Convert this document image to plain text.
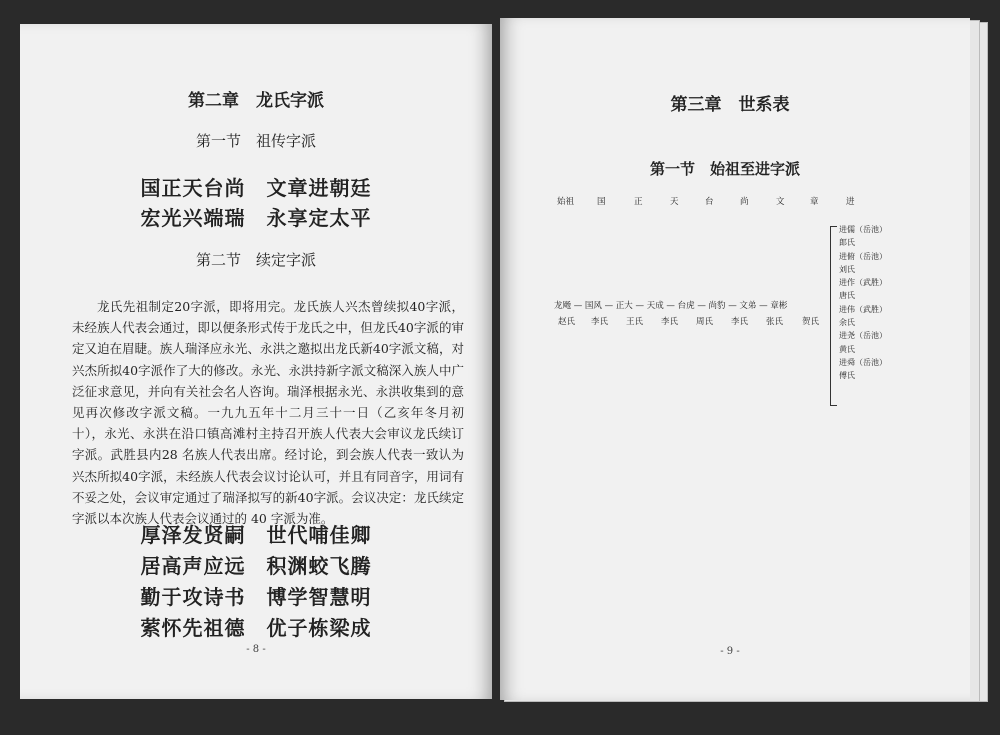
第二章　龙氏字派
第一节　祖传字派
国正天台尚　文章进朝廷
宏光兴端瑞　永享定太平
第二节　续定字派

龙氏先祖制定20字派，即将用完。龙氏族人兴杰曾续拟40字派，未经族人代表会通过，即以便条形式传于龙氏之中，但龙氏40字派的审定又迫在眉睫。族人瑞泽应永光、永洪之邀拟出龙氏新40字派文稿，对兴杰所拟40字派作了大的修改。永光、永洪持新字派文稿深入族人中广泛征求意见，并向有关社会名人咨询。瑞泽根据永光、永洪收集到的意见再次修改字派文稿。一九九五年十二月三十一日（乙亥年冬月初十），永光、永洪在沿口镇高滩村主持召开族人代表大会审议龙氏续订字派。武胜县内28 名族人代表出席。经讨论，到会族人代表一致认为兴杰所拟40字派，未经族人代表会议讨论认可，并且有同音字，用词有不妥之处，会议审定通过了瑞泽拟写的新40字派。会议决定：龙氏续定字派以本次族人代表会议通过的 40 字派为准。

厚泽发贤嗣　世代哺佳卿
居高声应远　积渊蛟飞腾
勤于攻诗书　博学智慧明
萦怀先祖德　优子栋梁成
- 8 -
第三章　世系表
第一节　始祖至进字派
始祖	国	正	天	台	尚	文	章	进
龙飏 — 国风 — 正大 — 天成 — 台虎 — 尚豹 — 文弟 — 章彬
赵氏 李氏 王氏 李氏 周氏 李氏 张氏 贺氏
进儒（岳池）
郎氏
进俯（岳池）
刘氏
进作（武胜）
唐氏
进伟（武胜）
余氏
进尧（岳池）
黄氏
进舜（岳池）
傅氏
- 9 -
